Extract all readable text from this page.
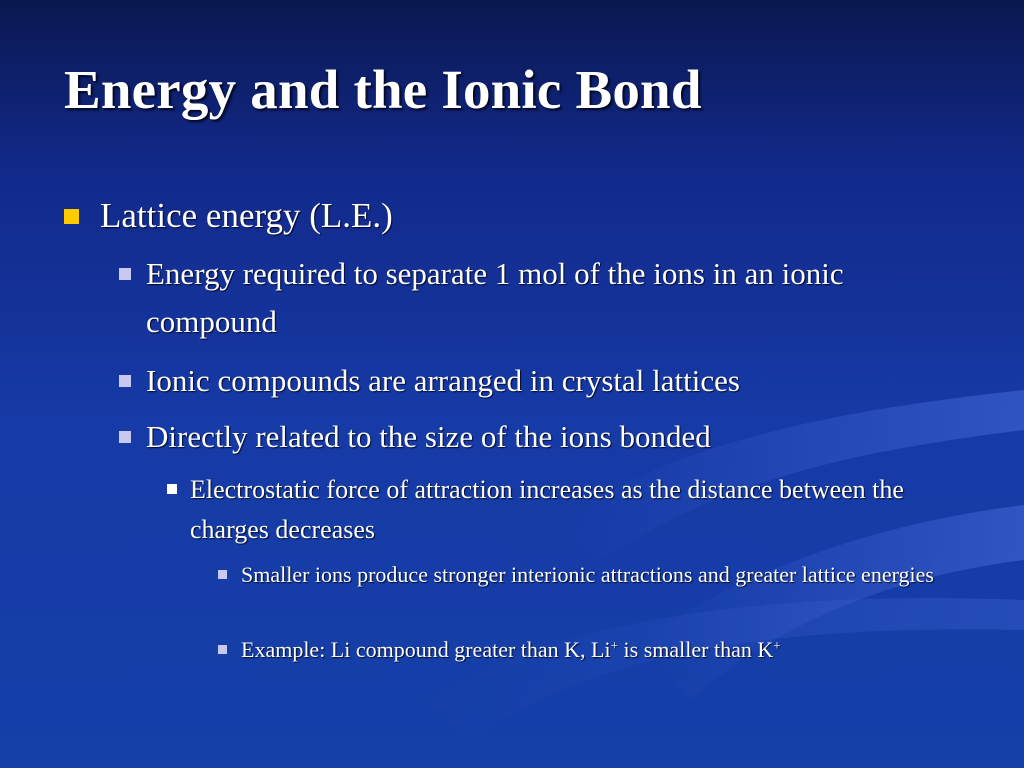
Energy and the Ionic Bond
Lattice energy (L.E.)
Energy required to separate 1 mol of the ions in an ionic compound
Ionic compounds are arranged in crystal lattices
Directly related to the size of the ions bonded
Electrostatic force of attraction increases as the distance between the charges decreases
Smaller ions produce stronger interionic attractions and greater lattice energies
Example: Li compound greater than K, Li+ is smaller than K+
